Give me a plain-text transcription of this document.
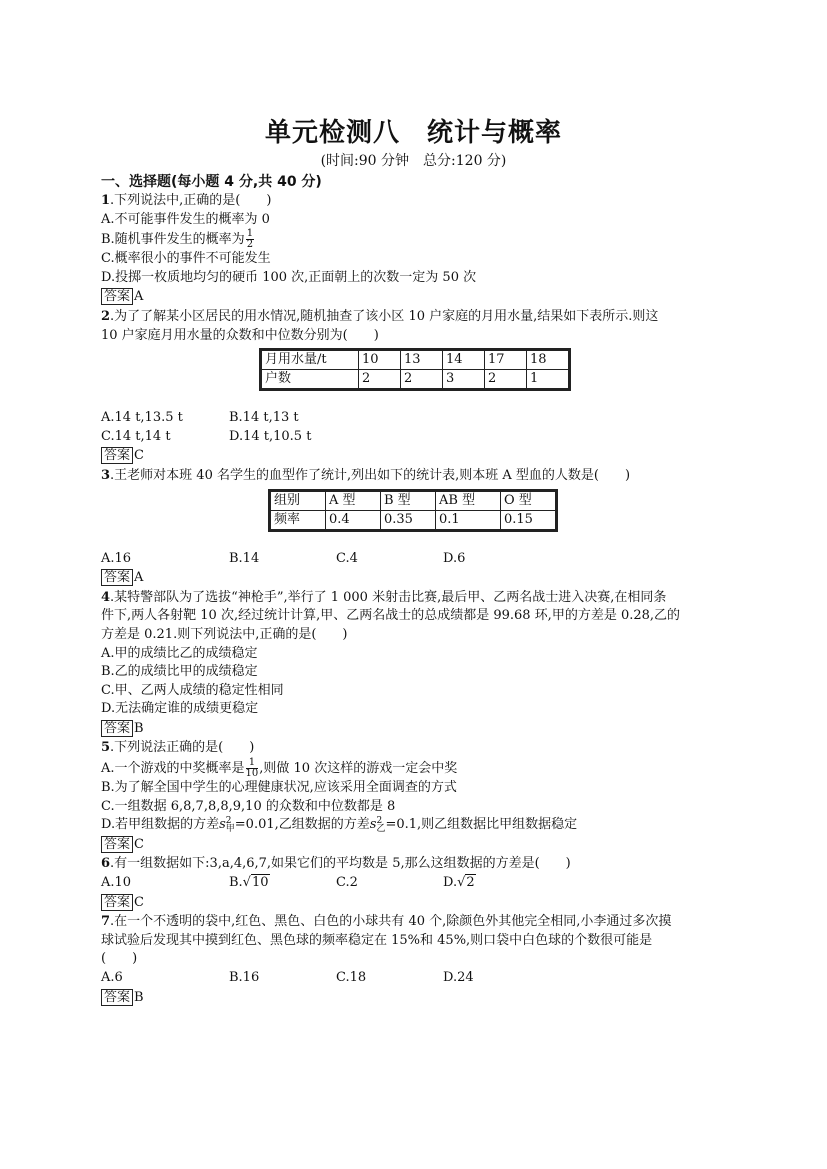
单元检测八　统计与概率
(时间:90 分钟　总分:120 分)
一、选择题(每小题 4 分,共 40 分)
1.下列说法中,正确的是(　　)
A.不可能事件发生的概率为 0
B.随机事件发生的概率为 $\frac{1}{2}$
C.概率很小的事件不可能发生
D.投掷一枚质地均匀的硬币 100 次,正面朝上的次数一定为 50 次
答案 A
2.为了了解某小区居民的用水情况,随机抽查了该小区 10 户家庭的月用水量,结果如下表所示.则这
10 户家庭月用水量的众数和中位数分别为(　　)
月用水量/t	10	13	14	17	18
户数	2	2	3	2	1
A.14 t,13.5 t	B.14 t,13 t
C.14 t,14 t	D.14 t,10.5 t
答案 C
3.王老师对本班 40 名学生的血型作了统计,列出如下的统计表,则本班 A 型血的人数是(　　)
组别	A 型	B 型	AB 型	O 型
频率	0.4	0.35	0.1	0.15
A.16	B.14	C.4	D.6
答案 A
4.某特警部队为了选拔“神枪手”,举行了 1 000 米射击比赛,最后甲、乙两名战士进入决赛,在相同条
件下,两人各射靶 10 次,经过统计计算,甲、乙两名战士的总成绩都是 99.68 环,甲的方差是 0.28,乙的
方差是 0.21.则下列说法中,正确的是(　　)
A.甲的成绩比乙的成绩稳定
B.乙的成绩比甲的成绩稳定
C.甲、乙两人成绩的稳定性相同
D.无法确定谁的成绩更稳定
答案 B
5.下列说法正确的是(　　)
A.一个游戏的中奖概率是 $\frac{1}{10}$ ,则做 10 次这样的游戏一定会中奖
B.为了解全国中学生的心理健康状况,应该采用全面调查的方式
C.一组数据 6,8,7,8,8,9,10 的众数和中位数都是 8
D.若甲组数据的方差s 2
甲 =0.01,乙组数据的方差s 2
乙 =0.1,则乙组数据比甲组数据稳定
答案 C
6.有一组数据如下:3,a,4,6,7,如果它们的平均数是 5,那么这组数据的方差是(　　)
A.10	B.√10	C.2	D.√2
答案 C
7.在一个不透明的袋中,红色、黑色、白色的小球共有 40 个,除颜色外其他完全相同,小李通过多次摸
球试验后发现其中摸到红色、黑色球的频率稳定在 15%和 45%,则口袋中白色球的个数很可能是
(　　)
A.6	B.16	C.18	D.24
答案 B
